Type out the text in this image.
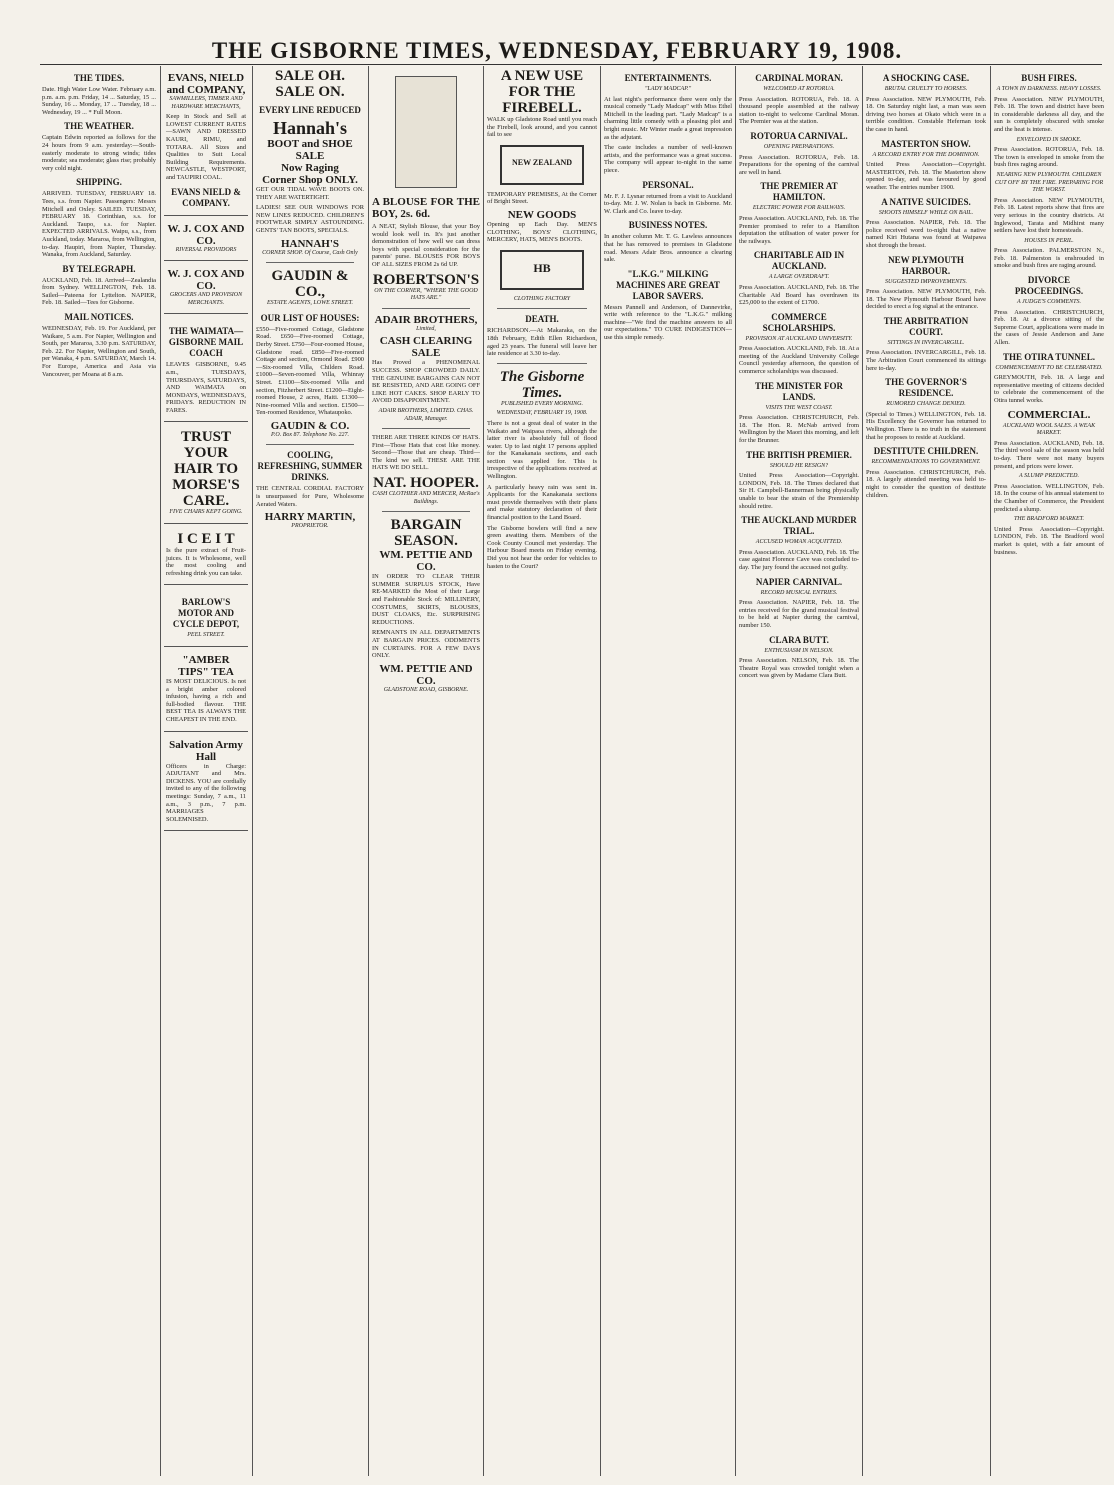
THE GISBORNE TIMES, WEDNESDAY, FEBRUARY 19, 1908.
THE TIDES.

Date. High Water Low Water. February a.m. p.m. a.m. p.m. Friday, 14 ... Saturday, 15 ... Sunday, 16 ... Monday, 17 ... Tuesday, 18 ... Wednesday, 19 ... * Full Moon.

THE WEATHER.

Captain Edwin reported as follows for the 24 hours from 9 a.m. yesterday:—South-easterly moderate to strong winds; tides moderate; sea moderate; glass rise; probably very cold night.

SHIPPING.

ARRIVED. TUESDAY, FEBRUARY 18. Tees, s.s. from Napier. Passengers: Messrs Mitchell and Oxley. SAILED. TUESDAY, FEBRUARY 18. Corinthian, s.s. for Auckland. Taupo, s.s. for Napier. EXPECTED ARRIVALS. Waipu, s.s., from Auckland, today. Mararoa, from Wellington, to-day. Haupiri, from Napier, Thursday. Wanaka, from Auckland, Saturday.

BY TELEGRAPH.

AUCKLAND, Feb. 18. Arrived—Zealandia from Sydney. WELLINGTON, Feb. 18. Sailed—Pateena for Lyttelton. NAPIER, Feb. 18. Sailed—Tees for Gisborne.

MAIL NOTICES.

WEDNESDAY, Feb. 19. For Auckland, per Waikare, 5 a.m. For Napier, Wellington and South, per Mararoa, 3.30 p.m. SATURDAY, Feb. 22. For Napier, Wellington and South, per Wanaka, 4 p.m. SATURDAY, March 14. For Europe, America and Asia via Vancouver, per Moana at 8 a.m.

EVANS, NIELD
and COMPANY,
SAWMILLERS, TIMBER AND HARDWARE MERCHANTS,

Keep in Stock and Sell at LOWEST CURRENT RATES—SAWN AND DRESSED KAURI, RIMU, and TOTARA. All Sizes and Qualities to Suit Local Building Requirements. NEWCASTLE, WESTPORT, and TAUPIRI COAL.

EVANS NIELD & COMPANY.
W. J. COX AND CO.
RIVERSAL PROVIDORS
W. J. COX AND CO.
GROCERS AND PROVISION MERCHANTS.
THE WAIMATA—GISBORNE MAIL COACH

LEAVES GISBORNE, 9.45 a.m., TUESDAYS, THURSDAYS, SATURDAYS, AND WAIMATA on MONDAYS, WEDNESDAYS, FRIDAYS. REDUCTION IN FARES.

TRUST YOUR HAIR TO MORSE'S CARE.
FIVE CHAIRS KEPT GOING.
I C E I T

Is the pure extract of Fruit-juices. It is Wholesome, well the most cooling and refreshing drink you can take.

BARLOW'S MOTOR AND CYCLE DEPOT,
PEEL STREET.
"AMBER TIPS" TEA

IS MOST DELICIOUS. Is not a bright amber colored infusion, having a rich and full-bodied flavour. THE BEST TEA IS ALWAYS THE CHEAPEST IN THE END.

Salvation Army Hall

Officers in Charge: ADJUTANT and Mrs. DICKENS. YOU are cordially invited to any of the following meetings: Sunday, 7 a.m., 11 a.m., 3 p.m., 7 p.m. MARRIAGES SOLEMNISED.

SALE OH.
SALE ON.
EVERY LINE REDUCED
Hannah's
BOOT and SHOE SALE
Now Raging
Corner Shop ONLY.

GET OUR TIDAL WAVE BOOTS ON. THEY ARE WATERTIGHT.

LADIES! SEE OUR WINDOWS FOR NEW LINES REDUCED. CHILDREN'S FOOTWEAR SIMPLY ASTOUNDING. GENTS' TAN BOOTS, SPECIALS.

HANNAH'S
CORNER SHOP. Of Course, Cash Only
GAUDIN & CO.,
ESTATE AGENTS, LOWE STREET.
OUR LIST OF HOUSES:

£550—Five-roomed Cottage, Gladstone Road. £650—Five-roomed Cottage, Derby Street. £750—Four-roomed House, Gladstone road. £850—Five-roomed Cottage and section, Ormond Road. £900—Six-roomed Villa, Childers Road. £1000—Seven-roomed Villa, Whinray Street. £1100—Six-roomed Villa and section, Fitzherbert Street. £1200—Eight-roomed House, 2 acres, Haiti. £1300—Nine-roomed Villa and section. £1500—Ten-roomed Residence, Whataupoko.

GAUDIN & CO.
P.O. Box 87. Telephone No. 227.
COOLING, REFRESHING, SUMMER DRINKS.

THE CENTRAL CORDIAL FACTORY is unsurpassed for Pure, Wholesome Aerated Waters.

HARRY MARTIN,
PROPRIETOR.

A BLOUSE FOR THE BOY, 2s. 6d.

A NEAT, Stylish Blouse, that your Boy would look well in. It's just another demonstration of how well we can dress boys with special consideration for the parents' purse. BLOUSES FOR BOYS OF ALL SIZES FROM 2s 6d UP.

ROBERTSON'S
ON THE CORNER, "WHERE THE GOOD HATS ARE."
ADAIR BROTHERS,
Limited,
CASH CLEARING SALE

Has Proved a PHENOMENAL SUCCESS. SHOP CROWDED DAILY. THE GENUINE BARGAINS CAN NOT BE RESISTED, AND ARE GOING OFF LIKE HOT CAKES. SHOP EARLY TO AVOID DISAPPOINTMENT.

ADAIR BROTHERS, LIMITED. CHAS. ADAIR, Manager.

THERE ARE THREE KINDS OF HATS. First—Those Hats that cost like money. Second—Those that are cheap. Third—The kind we sell. THESE ARE THE HATS WE DO SELL.

NAT. HOOPER.
CASH CLOTHIER AND MERCER, McRae's Buildings.
BARGAIN SEASON.
WM. PETTIE AND CO.

IN ORDER TO CLEAR THEIR SUMMER SURPLUS STOCK, Have RE-MARKED the Most of their Large and Fashionable Stock of: MILLINERY, COSTUMES, SKIRTS, BLOUSES, DUST CLOAKS, Etc. SURPRISING REDUCTIONS.

REMNANTS IN ALL DEPARTMENTS AT BARGAIN PRICES. ODDMENTS IN CURTAINS. FOR A FEW DAYS ONLY.

WM. PETTIE AND CO.
GLADSTONE ROAD, GISBORNE.
A NEW USE FOR THE FIREBELL.

WALK up Gladstone Road until you reach the Firebell, look around, and you cannot fail to see

NEW ZEALAND

TEMPORARY PREMISES, At the Corner of Bright Street.

NEW GOODS

Opening up Each Day. MEN'S CLOTHING, BOYS' CLOTHING, MERCERY, HATS, MEN'S BOOTS.

HB
CLOTHING FACTORY
DEATH.

RICHARDSON.—At Makaraka, on the 18th February, Edith Ellen Richardson, aged 23 years. The funeral will leave her late residence at 3.30 to-day.

The Gisborne Times.
PUBLISHED EVERY MORNING.
WEDNESDAY, FEBRUARY 19, 1908.

There is not a great deal of water in the Waikato and Waipaoa rivers, although the latter river is absolutely full of flood water. Up to last night 17 persons applied for the Kanakanaia sections, and each section was applied for. This is irrespective of the applications received at Wellington.

A particularly heavy rain was sent in. Applicants for the Kanakanaia sections must provide themselves with their plans and make statutory declaration of their financial position to the Land Board.

The Gisborne bowlers will find a new green awaiting them. Members of the Cook County Council met yesterday. The Harbour Board meets on Friday evening. Did you not hear the order for vehicles to hasten to the Court?

ENTERTAINMENTS.
"LADY MADCAP."

At last night's performance there were only the musical comedy "Lady Madcap" with Miss Ethel Mitchell in the leading part. "Lady Madcap" is a charming little comedy with a pleasing plot and bright music. Mr Winter made a great impression as the adjutant.

The caste includes a number of well-known artists, and the performance was a great success. The company will appear to-night in the same piece.

PERSONAL.

Mr. F. J. Lysnar returned from a visit to Auckland to-day. Mr. J. W. Nolan is back in Gisborne. Mr. W. Clark and Co. leave to-day.

BUSINESS NOTES.

In another column Mr. T. G. Lawless announces that he has removed to premises in Gladstone road. Messrs Adair Bros. announce a clearing sale.

"L.K.G." MILKING MACHINES ARE GREAT LABOR SAVERS.

Messrs Pannell and Anderson, of Dannevirke, write with reference to the "L.K.G." milking machine—"We find the machine answers to all our expectations." TO CURE INDIGESTION—use this simple remedy.

CARDINAL MORAN.
WELCOMED AT ROTORUA.

Press Association. ROTORUA, Feb. 18. A thousand people assembled at the railway station to-night to welcome Cardinal Moran. The Premier was at the station.

ROTORUA CARNIVAL.
OPENING PREPARATIONS.

Press Association. ROTORUA, Feb. 18. Preparations for the opening of the carnival are well in hand.

THE PREMIER AT HAMILTON.
ELECTRIC POWER FOR RAILWAYS.

Press Association. AUCKLAND, Feb. 18. The Premier promised to refer to a Hamilton deputation the utilisation of water power for the railways.

CHARITABLE AID IN AUCKLAND.
A LARGE OVERDRAFT.

Press Association. AUCKLAND, Feb. 18. The Charitable Aid Board has overdrawn its £25,000 to the extent of £1700.

COMMERCE SCHOLARSHIPS.
PROVISION AT AUCKLAND UNIVERSITY.

Press Association. AUCKLAND, Feb. 18. At a meeting of the Auckland University College Council yesterday afternoon, the question of commerce scholarships was discussed.

THE MINISTER FOR LANDS.
VISITS THE WEST COAST.

Press Association. CHRISTCHURCH, Feb. 18. The Hon. R. McNab arrived from Wellington by the Maori this morning, and left for the Brunner.

THE BRITISH PREMIER.
SHOULD HE RESIGN?

United Press Association—Copyright. LONDON, Feb. 18. The Times declared that Sir H. Campbell-Bannerman being physically unable to bear the strain of the Premiership should retire.

THE AUCKLAND MURDER TRIAL.
ACCUSED WOMAN ACQUITTED.

Press Association. AUCKLAND, Feb. 18. The case against Florence Cave was concluded to-day. The jury found the accused not guilty.

NAPIER CARNIVAL.
RECORD MUSICAL ENTRIES.

Press Association. NAPIER, Feb. 18. The entries received for the grand musical festival to be held at Napier during the carnival, number 150.

CLARA BUTT.
ENTHUSIASM IN NELSON.

Press Association. NELSON, Feb. 18. The Theatre Royal was crowded tonight when a concert was given by Madame Clara Butt.

A SHOCKING CASE.
BRUTAL CRUELTY TO HORSES.

Press Association. NEW PLYMOUTH, Feb. 18. On Saturday night last, a man was seen driving two horses at Okato which were in a terrible condition. Constable Hefernan took the case in hand.

MASTERTON SHOW.
A RECORD ENTRY FOR THE DOMINION.

United Press Association—Copyright. MASTERTON, Feb. 18. The Masterton show opened to-day, and was favoured by good weather. The entries number 1900.

A NATIVE SUICIDES.
SHOOTS HIMSELF WHILE ON BAIL.

Press Association. NAPIER, Feb. 18. The police received word to-night that a native named Kiri Hutana was found at Waipawa shot through the breast.

NEW PLYMOUTH HARBOUR.
SUGGESTED IMPROVEMENTS.

Press Association. NEW PLYMOUTH, Feb. 18. The New Plymouth Harbour Board have decided to erect a fog signal at the entrance.

THE ARBITRATION COURT.
SITTINGS IN INVERCARGILL.

Press Association. INVERCARGILL, Feb. 18. The Arbitration Court commenced its sittings here to-day.

THE GOVERNOR'S RESIDENCE.
RUMORED CHANGE DENIED.

(Special to Times.) WELLINGTON, Feb. 18. His Excellency the Governor has returned to Wellington. There is no truth in the statement that he proposes to reside at Auckland.

DESTITUTE CHILDREN.
RECOMMENDATIONS TO GOVERNMENT.

Press Association. CHRISTCHURCH, Feb. 18. A largely attended meeting was held to-night to consider the question of destitute children.

BUSH FIRES.
A TOWN IN DARKNESS. HEAVY LOSSES.

Press Association. NEW PLYMOUTH, Feb. 18. The town and district have been in considerable darkness all day, and the sun is completely obscured with smoke and the heat is intense.

ENVELOPED IN SMOKE.

Press Association. ROTORUA, Feb. 18. The town is enveloped in smoke from the bush fires raging around.

NEARING NEW PLYMOUTH. CHILDREN CUT OFF BY THE FIRE. PREPARING FOR THE WORST.

Press Association. NEW PLYMOUTH, Feb. 18. Latest reports show that fires are very serious in the country districts. At Inglewood, Tarata and Midhirst many settlers have lost their homesteads.

HOUSES IN PERIL.

Press Association. PALMERSTON N., Feb. 18. Palmerston is enshrouded in smoke and bush fires are raging around.

DIVORCE PROCEEDINGS.
A JUDGE'S COMMENTS.

Press Association. CHRISTCHURCH, Feb. 18. At a divorce sitting of the Supreme Court, applications were made in the cases of Jessie Anderson and Jane Allen.

THE OTIRA TUNNEL.
COMMENCEMENT TO BE CELEBRATED.

GREYMOUTH, Feb. 18. A large and representative meeting of citizens decided to celebrate the commencement of the Otira tunnel works.

COMMERCIAL.
AUCKLAND WOOL SALES. A WEAK MARKET.

Press Association. AUCKLAND, Feb. 18. The third wool sale of the season was held to-day. There were not many buyers present, and prices were lower.

A SLUMP PREDICTED.

Press Association. WELLINGTON, Feb. 18. In the course of his annual statement to the Chamber of Commerce, the President predicted a slump.

THE BRADFORD MARKET.

United Press Association—Copyright. LONDON, Feb. 18. The Bradford wool market is quiet, with a fair amount of business.
